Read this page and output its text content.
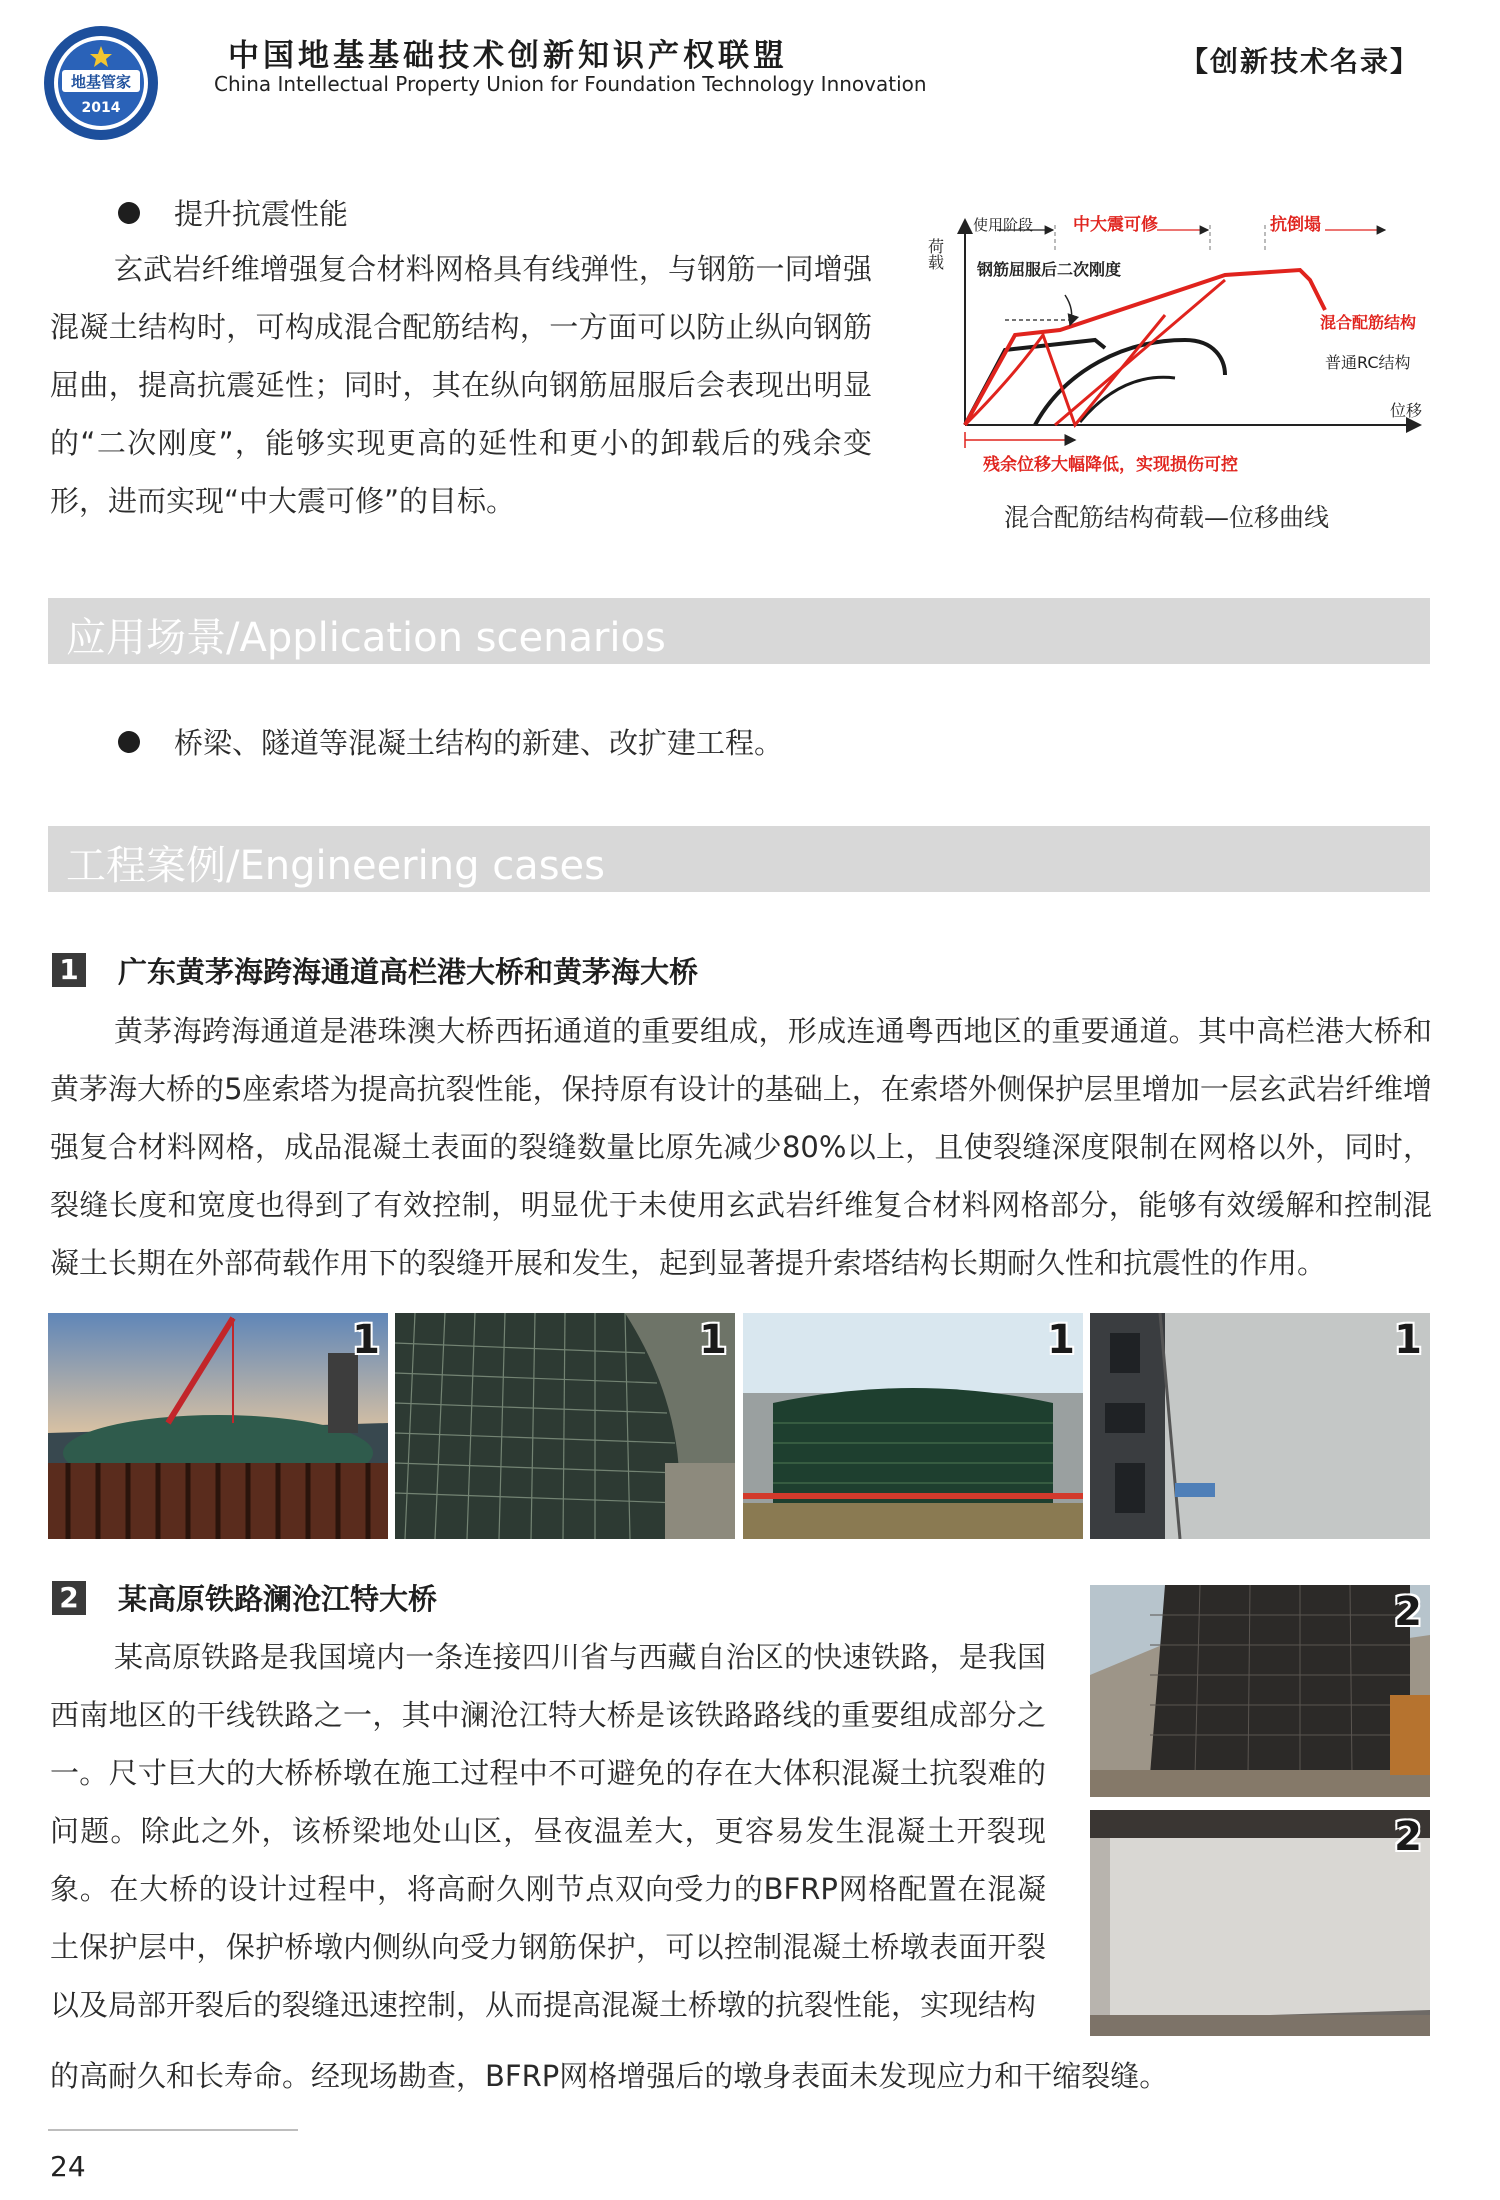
地基管家
2014
中国地基基础技术创新知识产权联盟
China Intellectual Property Union for Foundation Technology Innovation
【创新技术名录】
提升抗震性能
玄武岩纤维增强复合材料网格具有线弹性，与钢筋一同增强混凝土结构时，可构成混合配筋结构，一方面可以防止纵向钢筋屈曲，提高抗震延性；同时，其在纵向钢筋屈服后会表现出明显的“二次刚度”，能够实现更高的延性和更小的卸载后的残余变形，进而实现“中大震可修”的目标。
荷载
位移
使用阶段 中大震可修	抗倒塌
钢筋屈服后二次刚度
混合配筋结构
普通RC结构
残余位移大幅降低，实现损伤可控
混合配筋结构荷载—位移曲线
应用场景/Application scenarios
桥梁、隧道等混凝土结构的新建、改扩建工程。
工程案例/Engineering cases
1 广东黄茅海跨海通道高栏港大桥和黄茅海大桥
黄茅海跨海通道是港珠澳大桥西拓通道的重要组成，形成连通粤西地区的重要通道。其中高栏港大桥和黄茅海大桥的5座索塔为提高抗裂性能，保持原有设计的基础上，在索塔外侧保护层里增加一层玄武岩纤维增强复合材料网格，成品混凝土表面的裂缝数量比原先减少80%以上，且使裂缝深度限制在网格以外，同时，裂缝长度和宽度也得到了有效控制，明显优于未使用玄武岩纤维复合材料网格部分，能够有效缓解和控制混凝土长期在外部荷载作用下的裂缝开展和发生，起到显著提升索塔结构长期耐久性和抗震性的作用。
1	1	1	1
2 某高原铁路澜沧江特大桥
某高原铁路是我国境内一条连接四川省与西藏自治区的快速铁路，是我国西南地区的干线铁路之一，其中澜沧江特大桥是该铁路路线的重要组成部分之一。尺寸巨大的大桥桥墩在施工过程中不可避免的存在大体积混凝土抗裂难的问题。除此之外，该桥梁地处山区，昼夜温差大，更容易发生混凝土开裂现象。在大桥的设计过程中，将高耐久刚节点双向受力的BFRP网格配置在混凝土保护层中，保护桥墩内侧纵向受力钢筋保护，可以控制混凝土桥墩表面开裂以及局部开裂后的裂缝迅速控制，从而提高混凝土桥墩的抗裂性能，实现结构
的高耐久和长寿命。经现场勘查，BFRP网格增强后的墩身表面未发现应力和干缩裂缝。
2
2
24
